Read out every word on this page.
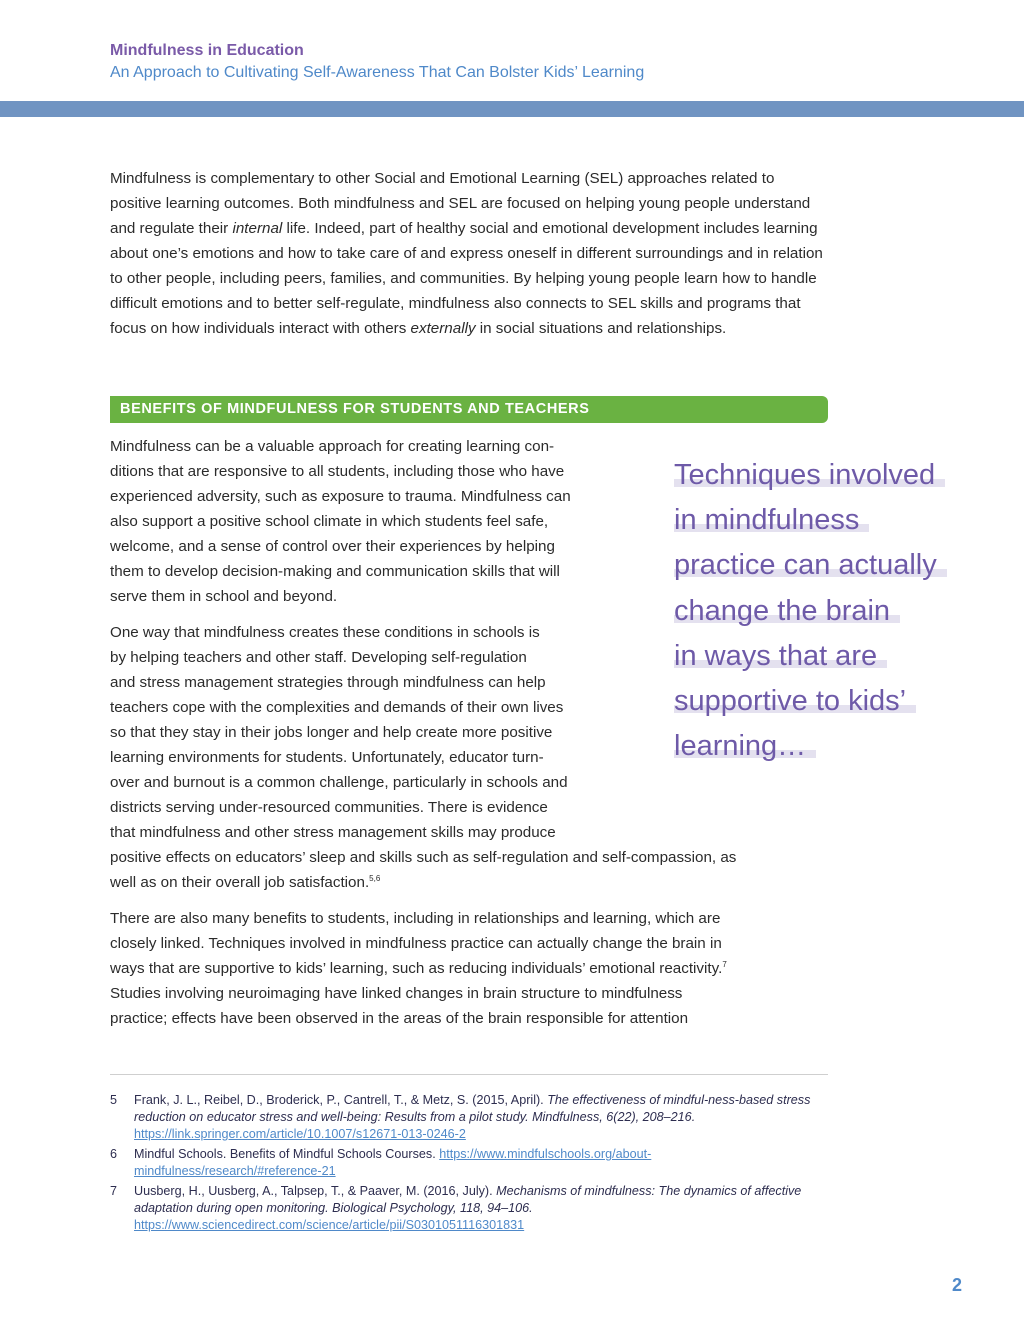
Mindfulness in Education
An Approach to Cultivating Self-Awareness That Can Bolster Kids’ Learning

Mindfulness is complementary to other Social and Emotional Learning (SEL) approaches related to positive learning outcomes. Both mindfulness and SEL are focused on helping young people understand and regulate their internal life. Indeed, part of healthy social and emotional development includes learning about one’s emotions and how to take care of and express oneself in different surroundings and in relation to other people, including peers, families, and communities. By helping young people learn how to handle difficult emotions and to better self-regulate, mindfulness also connects to SEL skills and programs that focus on how individuals interact with others externally in social situations and relationships.

BENEFITS OF MINDFULNESS FOR STUDENTS AND TEACHERS
Mindfulness can be a valuable approach for creating learning con-
ditions that are responsive to all students, including those who have
experienced adversity, such as exposure to trauma. Mindfulness can
also support a positive school climate in which students feel safe,
welcome, and a sense of control over their experiences by helping
them to develop decision-making and communication skills that will
serve them in school and beyond.
One way that mindfulness creates these conditions in schools is
by helping teachers and other staff. Developing self-regulation
and stress management strategies through mindfulness can help
teachers cope with the complexities and demands of their own lives
so that they stay in their jobs longer and help create more positive
learning environments for students. Unfortunately, educator turn-
over and burnout is a common challenge, particularly in schools and
districts serving under-resourced communities. There is evidence
that mindfulness and other stress management skills may produce
positive effects on educators’ sleep and skills such as self-regulation and self-compassion, as
well as on their overall job satisfaction.$^{5,6}$
There are also many benefits to students, including in relationships and learning, which are
closely linked. Techniques involved in mindfulness practice can actually change the brain in
ways that are supportive to kids’ learning, such as reducing individuals’ emotional reactivity.$^7$
Studies involving neuroimaging have linked changes in brain structure to mindfulness
practice; effects have been observed in the areas of the brain responsible for attention
Techniques involved
in mindfulness
practice can actually
change the brain
in ways that are
supportive to kids’
learning…
5 Frank, J. L., Reibel, D., Broderick, P., Cantrell, T., & Metz, S. (2015, April). The effectiveness of mindful-ness-based stress reduction on educator stress and well-being: Results from a pilot study. Mindfulness, 6(22), 208–216. https://link.springer.com/article/10.1007/s12671-013-0246-2
6 Mindful Schools. Benefits of Mindful Schools Courses. https://www.mindfulschools.org/about-mindfulness/research/#reference-21
7 Uusberg, H., Uusberg, A., Talpsep, T., & Paaver, M. (2016, July). Mechanisms of mindfulness: The dynamics of affective adaptation during open monitoring. Biological Psychology, 118, 94–106. https://www.sciencedirect.com/science/article/pii/S0301051116301831
2
